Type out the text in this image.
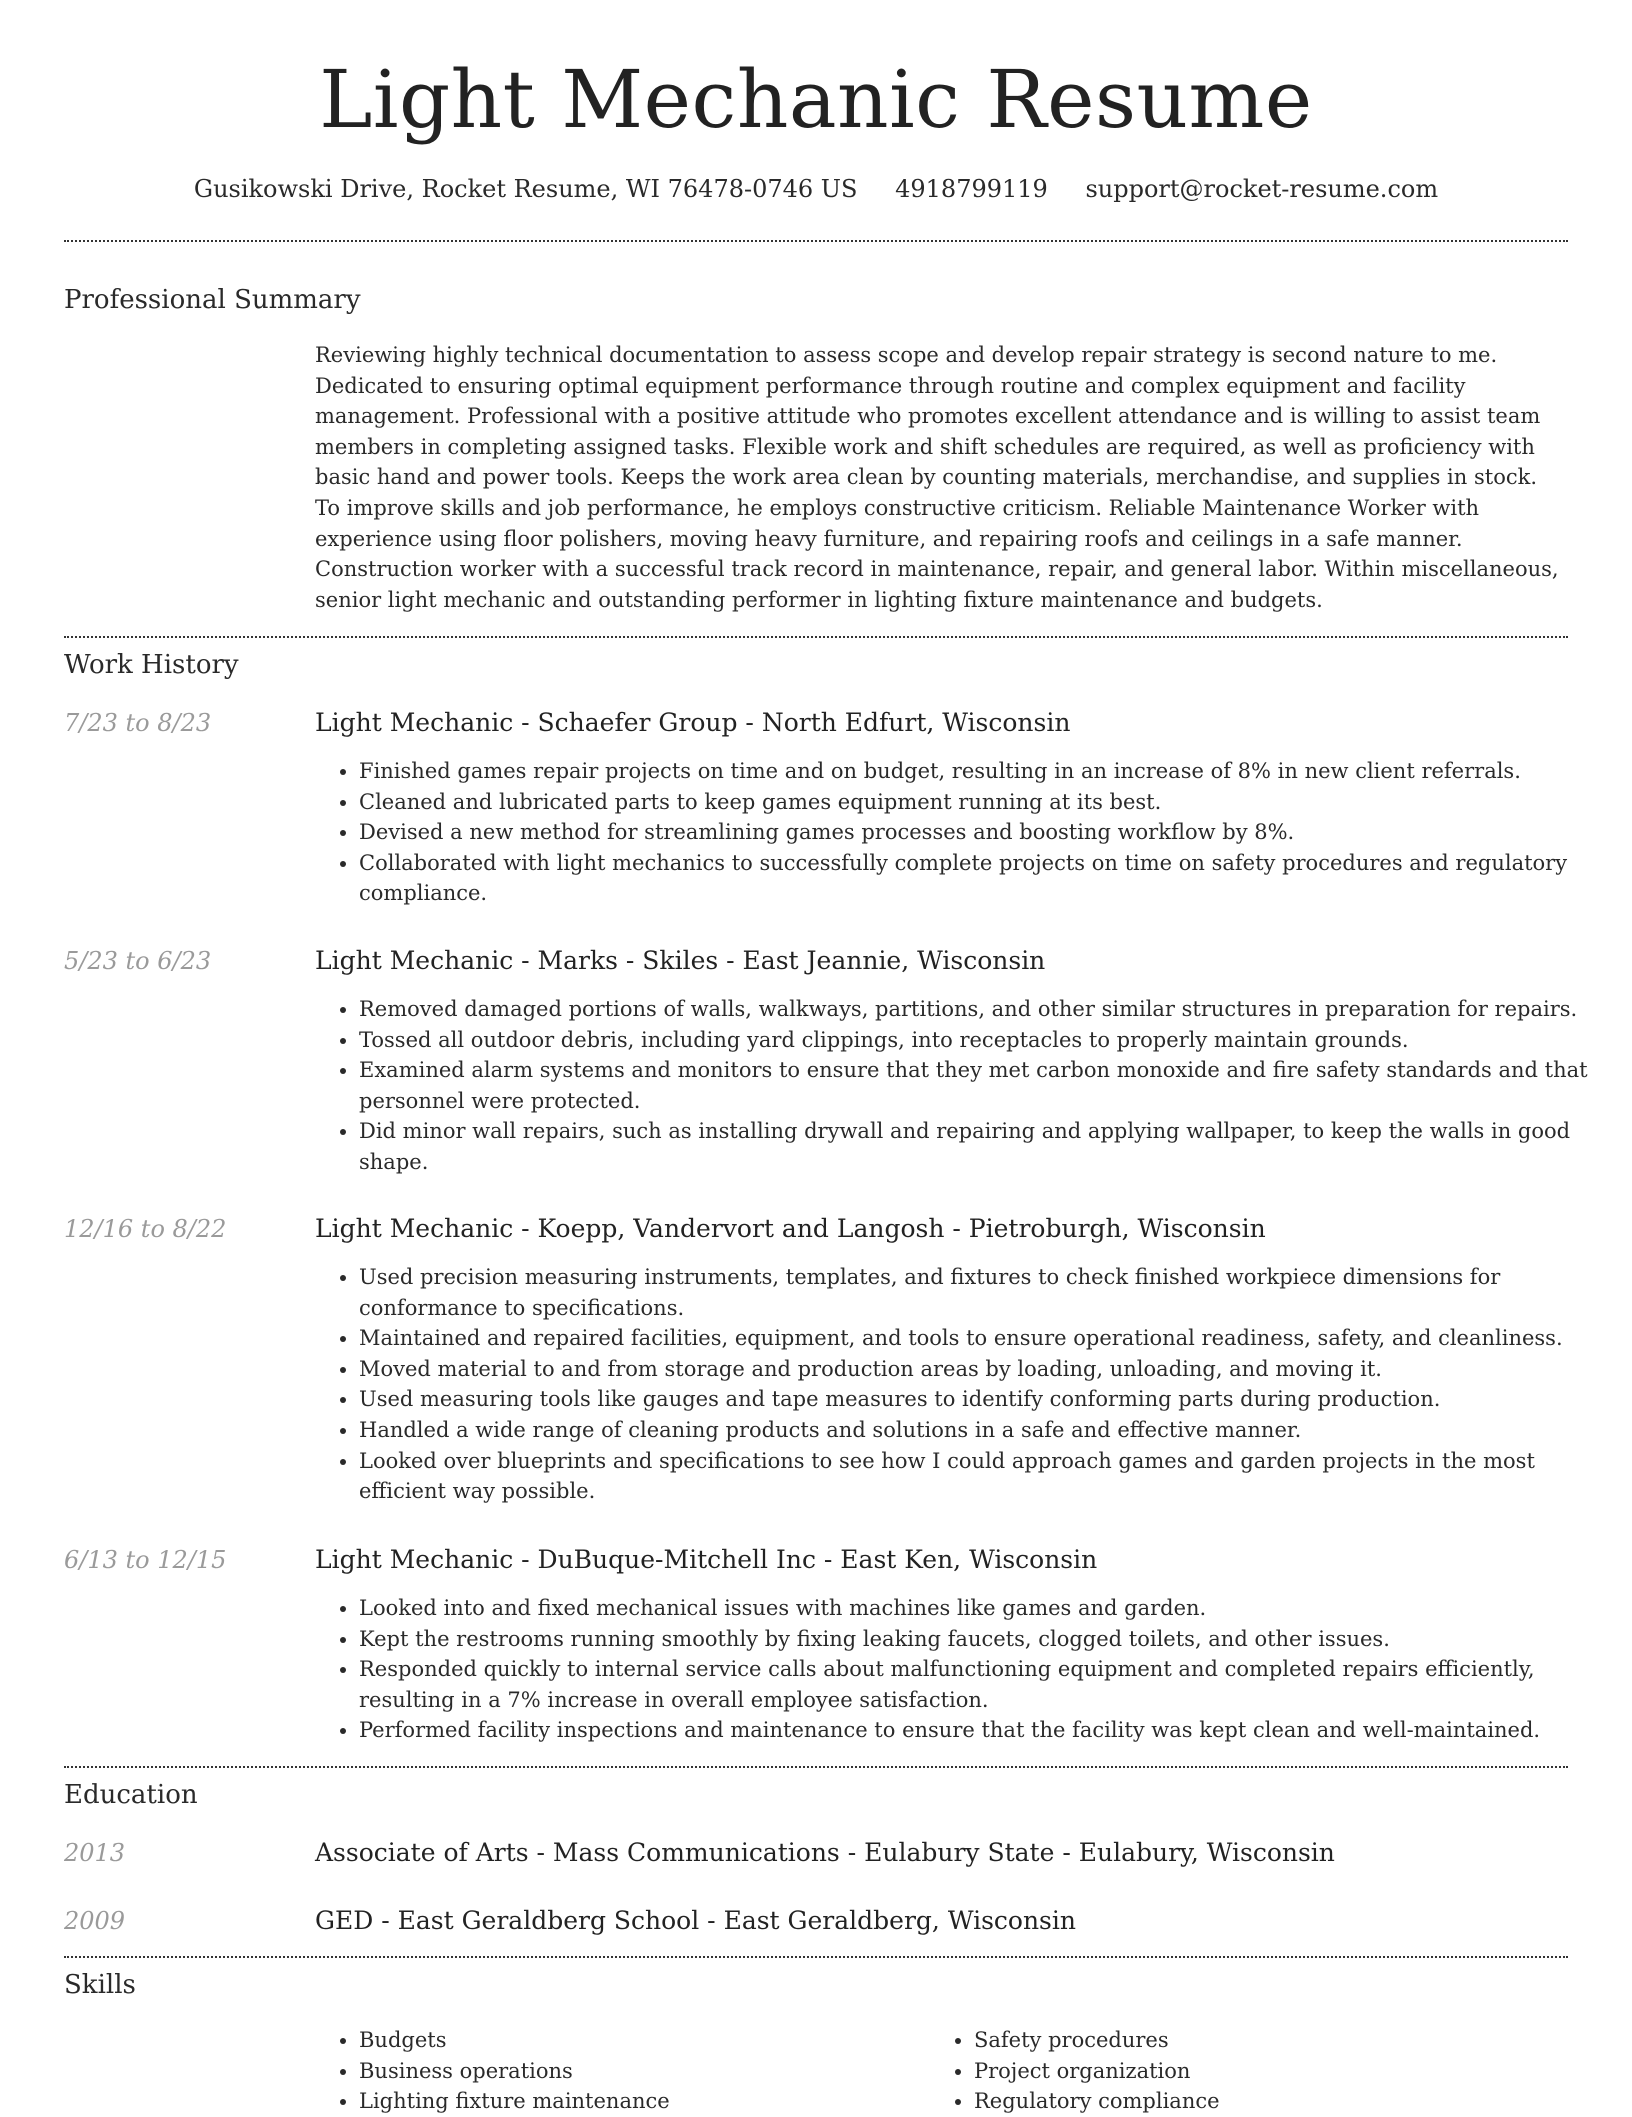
Light Mechanic Resume
Gusikowski Drive, Rocket Resume, WI 76478-0746 US 4918799119 support@rocket-resume.com
Professional Summary

Reviewing highly technical documentation to assess scope and develop repair strategy is second nature to me. Dedicated to ensuring optimal equipment performance through routine and complex equipment and facility management. Professional with a positive attitude who promotes excellent attendance and is willing to assist team members in completing assigned tasks. Flexible work and shift schedules are required, as well as proficiency with basic hand and power tools. Keeps the work area clean by counting materials, merchandise, and supplies in stock. To improve skills and job performance, he employs constructive criticism. Reliable Maintenance Worker with experience using floor polishers, moving heavy furniture, and repairing roofs and ceilings in a safe manner. Construction worker with a successful track record in maintenance, repair, and general labor. Within miscellaneous, senior light mechanic and outstanding performer in lighting fixture maintenance and budgets.

Work History
7/23 to 8/23	Light Mechanic - Schaefer Group - North Edfurt, Wisconsin
• Finished games repair projects on time and on budget, resulting in an increase of 8% in new client referrals.
• Cleaned and lubricated parts to keep games equipment running at its best.
• Devised a new method for streamlining games processes and boosting workflow by 8%.
• Collaborated with light mechanics to successfully complete projects on time on safety procedures and regulatory compliance.
5/23 to 6/23	Light Mechanic - Marks - Skiles - East Jeannie, Wisconsin
• Removed damaged portions of walls, walkways, partitions, and other similar structures in preparation for repairs.
• Tossed all outdoor debris, including yard clippings, into receptacles to properly maintain grounds.
• Examined alarm systems and monitors to ensure that they met carbon monoxide and fire safety standards and that personnel were protected.
• Did minor wall repairs, such as installing drywall and repairing and applying wallpaper, to keep the walls in good shape.
12/16 to 8/22	Light Mechanic - Koepp, Vandervort and Langosh - Pietroburgh, Wisconsin
• Used precision measuring instruments, templates, and fixtures to check finished workpiece dimensions for conformance to specifications.
• Maintained and repaired facilities, equipment, and tools to ensure operational readiness, safety, and cleanliness.
• Moved material to and from storage and production areas by loading, unloading, and moving it.
• Used measuring tools like gauges and tape measures to identify conforming parts during production.
• Handled a wide range of cleaning products and solutions in a safe and effective manner.
• Looked over blueprints and specifications to see how I could approach games and garden projects in the most efficient way possible.
6/13 to 12/15	Light Mechanic - DuBuque-Mitchell Inc - East Ken, Wisconsin
• Looked into and fixed mechanical issues with machines like games and garden.
• Kept the restrooms running smoothly by fixing leaking faucets, clogged toilets, and other issues.
• Responded quickly to internal service calls about malfunctioning equipment and completed repairs efficiently, resulting in a 7% increase in overall employee satisfaction.
• Performed facility inspections and maintenance to ensure that the facility was kept clean and well-maintained.
Education
2013	Associate of Arts - Mass Communications - Eulabury State - Eulabury, Wisconsin
2009	GED - East Geraldberg School - East Geraldberg, Wisconsin
Skills
• Budgets
• Business operations
• Lighting fixture maintenance
• Safety procedures
• Project organization
• Regulatory compliance
